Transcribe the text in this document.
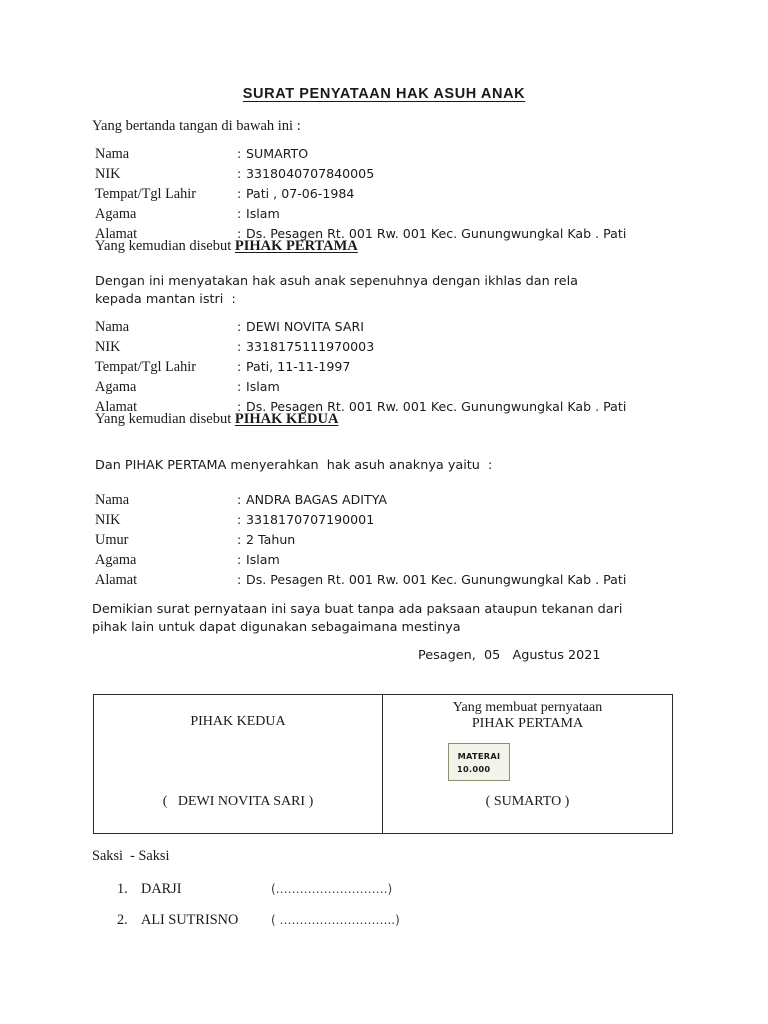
SURAT PENYATAAN HAK ASUH ANAK
Yang bertanda tangan di bawah ini :
Nama	: SUMARTO
NIK	: 3318040707840005
Tempat/Tgl Lahir	: Pati , 07-06-1984
Agama	: Islam
Alamat	: Ds. Pesagen Rt. 001 Rw. 001 Kec. Gunungwungkal Kab . Pati
Yang kemudian disebut PIHAK PERTAMA
Dengan ini menyatakan hak asuh anak sepenuhnya dengan ikhlas dan rela
kepada mantan istri  :
Nama	: DEWI NOVITA SARI
NIK	: 3318175111970003
Tempat/Tgl Lahir	: Pati, 11-11-1997
Agama	: Islam
Alamat	: Ds. Pesagen Rt. 001 Rw. 001 Kec. Gunungwungkal Kab . Pati
Yang kemudian disebut PIHAK KEDUA
Dan PIHAK PERTAMA menyerahkan  hak asuh anaknya yaitu  :
Nama	: ANDRA BAGAS ADITYA
NIK	: 3318170707190001
Umur	: 2 Tahun
Agama	: Islam
Alamat	: Ds. Pesagen Rt. 001 Rw. 001 Kec. Gunungwungkal Kab . Pati
Demikian surat pernyataan ini saya buat tanpa ada paksaan ataupun tekanan dari
pihak lain untuk dapat digunakan sebagaimana mestinya
Pesagen,  05   Agustus 2021
PIHAK KEDUA
(   DEWI NOVITA SARI )
Yang membuat pernyataan
PIHAK PERTAMA
MATERAI
10.000
( SUMARTO )
Saksi  - Saksi
1. DARJI	(……………………….)
2. ALI SUTRISNO	( ………………………..)
